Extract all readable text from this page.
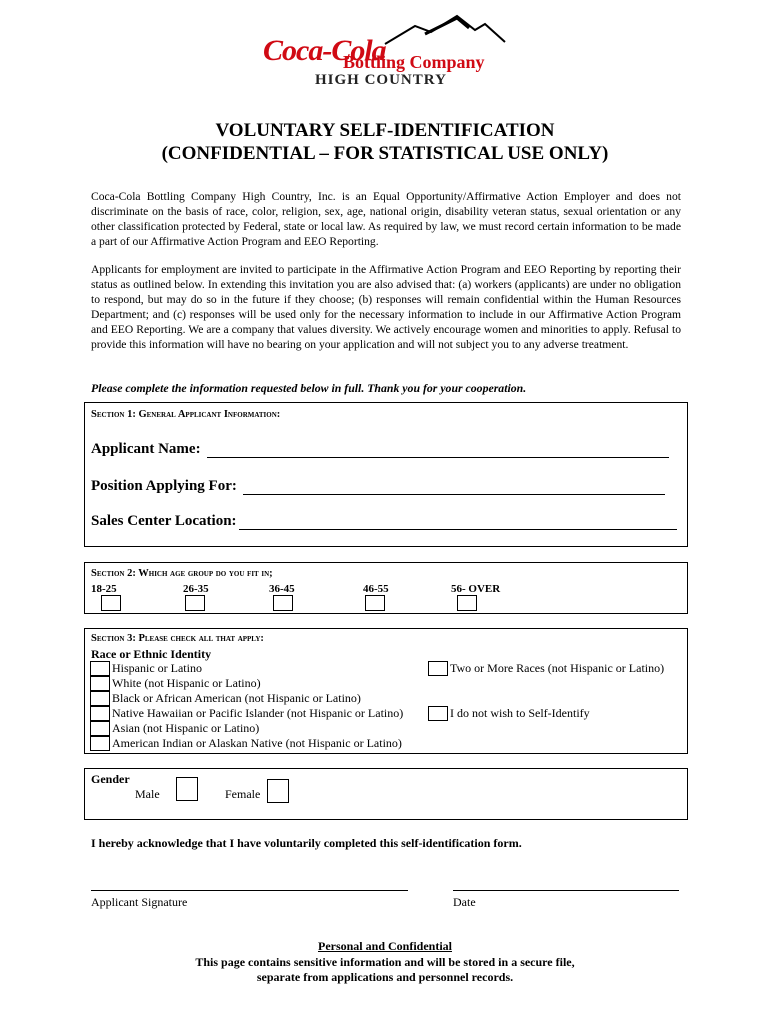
Coca-Cola
Bottling Company
HIGH COUNTRY
VOLUNTARY SELF-IDENTIFICATION
(CONFIDENTIAL – FOR STATISTICAL USE ONLY)

Coca-Cola Bottling Company High Country, Inc. is an Equal Opportunity/Affirmative Action Employer and does not discriminate on the basis of race, color, religion, sex, age, national origin, disability veteran status, sexual orientation or any other classification protected by Federal, state or local law. As required by law, we must record certain information to be made a part of our Affirmative Action Program and EEO Reporting.

Applicants for employment are invited to participate in the Affirmative Action Program and EEO Reporting by reporting their status as outlined below. In extending this invitation you are also advised that: (a) workers (applicants) are under no obligation to respond, but may do so in the future if they choose; (b) responses will remain confidential within the Human Resources Department; and (c) responses will be used only for the necessary information to include in our Affirmative Action Program and EEO Reporting. We are a company that values diversity. We actively encourage women and minorities to apply. Refusal to provide this information will have no bearing on your application and will not subject you to any adverse treatment.

Please complete the information requested below in full. Thank you for your cooperation.
Section 1: General Applicant Information:
Applicant Name:
Position Applying For:
Sales Center Location:
Section 2: Which age group do you fit in;
18-25	26-35	36-45	46-55	56- OVER
Section 3: Please check all that apply:
Race or Ethnic Identity
Hispanic or Latino
White (not Hispanic or Latino)
Black or African American (not Hispanic or Latino)
Native Hawaiian or Pacific Islander (not Hispanic or Latino)
Asian (not Hispanic or Latino)
American Indian or Alaskan Native (not Hispanic or Latino)
Two or More Races (not Hispanic or Latino)
I do not wish to Self-Identify
Gender
Male	Female
I hereby acknowledge that I have voluntarily completed this self-identification form.
Applicant Signature	Date
Personal and Confidential
This page contains sensitive information and will be stored in a secure file,
separate from applications and personnel records.
